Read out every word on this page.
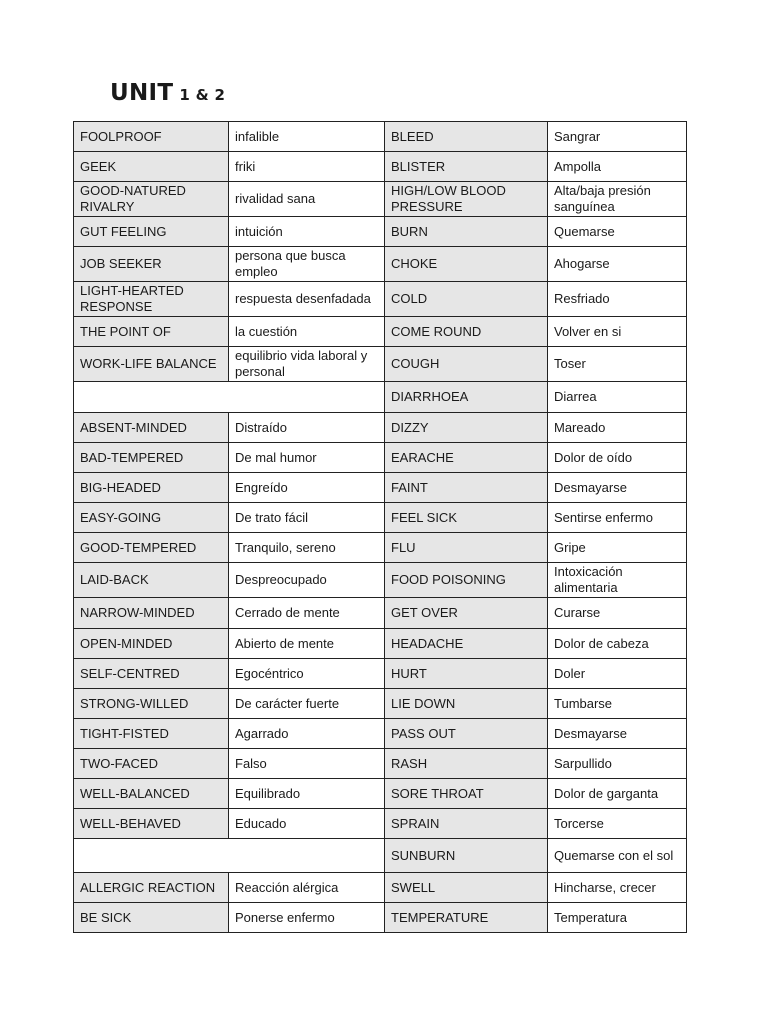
UNIT 1 & 2
FOOLPROOF	infalible	BLEED	Sangrar
GEEK	friki	BLISTER	Ampolla
GOOD-NATURED RIVALRY	rivalidad sana	HIGH/LOW BLOOD PRESSURE	Alta/baja presión sanguínea
GUT FEELING	intuición	BURN	Quemarse
JOB SEEKER	persona que busca empleo	CHOKE	Ahogarse
LIGHT-HEARTED RESPONSE	respuesta desenfadada	COLD	Resfriado
THE POINT OF	la cuestión	COME ROUND	Volver en si
WORK-LIFE BALANCE	equilibrio vida laboral y personal	COUGH	Toser
		DIARRHOEA	Diarrea
ABSENT-MINDED	Distraído	DIZZY	Mareado
BAD-TEMPERED	De mal humor	EARACHE	Dolor de oído
BIG-HEADED	Engreído	FAINT	Desmayarse
EASY-GOING	De trato fácil	FEEL SICK	Sentirse enfermo
GOOD-TEMPERED	Tranquilo, sereno	FLU	Gripe
LAID-BACK	Despreocupado	FOOD POISONING	Intoxicación alimentaria
NARROW-MINDED	Cerrado de mente	GET OVER	Curarse
OPEN-MINDED	Abierto de mente	HEADACHE	Dolor de cabeza
SELF-CENTRED	Egocéntrico	HURT	Doler
STRONG-WILLED	De carácter fuerte	LIE DOWN	Tumbarse
TIGHT-FISTED	Agarrado	PASS OUT	Desmayarse
TWO-FACED	Falso	RASH	Sarpullido
WELL-BALANCED	Equilibrado	SORE THROAT	Dolor de garganta
WELL-BEHAVED	Educado	SPRAIN	Torcerse
		SUNBURN	Quemarse con el sol
ALLERGIC REACTION	Reacción alérgica	SWELL	Hincharse, crecer
BE SICK	Ponerse enfermo	TEMPERATURE	Temperatura
